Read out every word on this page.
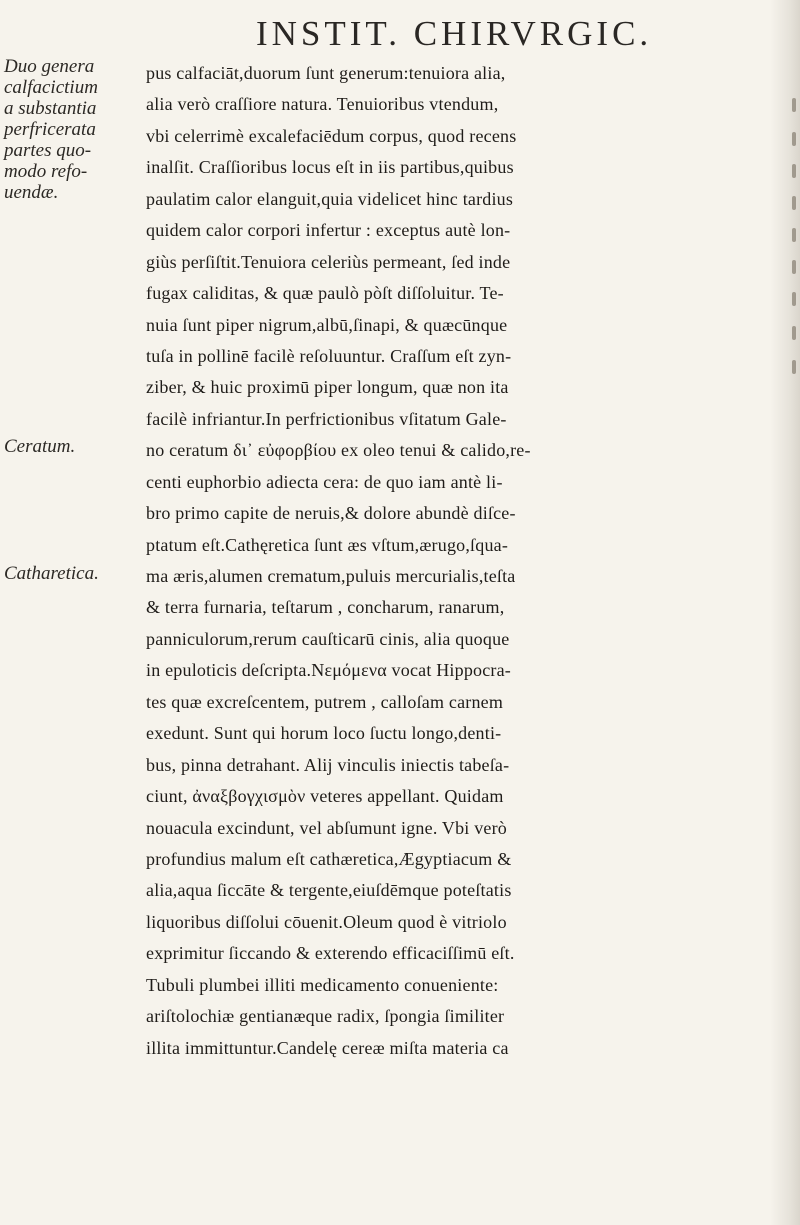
INSTIT. CHIRVRGIC.
Duo genera
calfacictium
a substantia
perfricerata
partes quo-
modo refo-
uendæ.
Ceratum.
Catharetica.
pus calfaciāt,duorum ſunt generum:tenuiora alia,
alia verò craſſiore natura. Tenuioribus vtendum,
vbi celerrimè excalefaciēdum corpus, quod recens
inalſit. Craſſioribus locus eſt in iis partibus,quibus
paulatim calor elanguit,quia videlicet hinc tardius
quidem calor corpori infertur : exceptus autè lon-
giùs perſiſtit.Tenuiora celeriùs permeant, ſed inde
fugax caliditas, & quæ paulò pòſt diſſoluitur. Te-
nuia ſunt piper nigrum,albū,ſinapi, & quæcūnque
tuſa in pollinē facilè reſoluuntur. Craſſum eſt zyn-
ziber, & huic proximū piper longum, quæ non ita
facilè infriantur.In perfrictionibus vſitatum Gale-
no ceratum δι᾽ εὐφορβίου ex oleo tenui & calido,re-
centi euphorbio adiecta cera: de quo iam antè li-
bro primo capite de neruis,& dolore abundè diſce-
ptatum eſt.Cathęretica ſunt æs vſtum,ærugo,ſqua-
ma æris,alumen crematum,puluis mercurialis,teſta
& terra furnaria, teſtarum , concharum, ranarum,
panniculorum,rerum cauſticarū cinis, alia quoque
in epuloticis deſcripta.Νεμόμενα vocat Hippocra-
tes quæ excreſcentem, putrem , calloſam carnem
exedunt. Sunt qui horum loco ſuctu longo,denti-
bus, pinna detrahant. Alij vinculis iniectis tabeſa-
ciunt, ἀναξβογχισμὸν veteres appellant. Quidam
nouacula excindunt, vel abſumunt igne. Vbi verò
profundius malum eſt cathæretica,Ægyptiacum &
alia,aqua ſiccāte & tergente,eiuſdēmque poteſtatis
liquoribus diſſolui cōuenit.Oleum quod è vitriolo
exprimitur ſiccando & exterendo efficaciſſimū eſt.
Tubuli plumbei illiti medicamento conueniente:
ariſtolochiæ gentianæque radix, ſpongia ſimiliter
illita immittuntur.Candelę cereæ miſta materia ca
